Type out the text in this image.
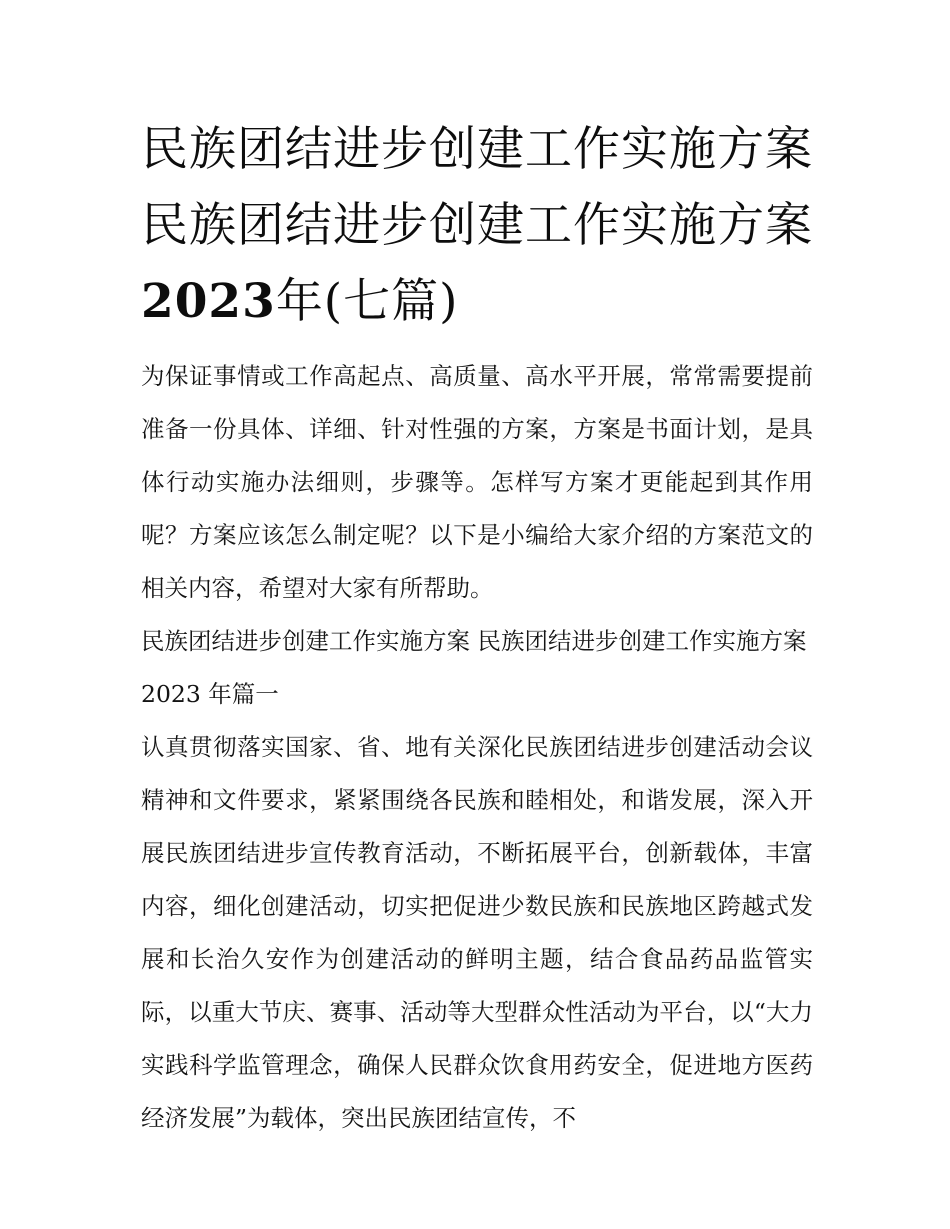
民族团结进步创建工作实施方案 民族团结进步创建工作实施方案2023年(七篇)

为保证事情或工作高起点、高质量、高水平开展，常常需要提前准备一份具体、详细、针对性强的方案，方案是书面计划，是具体行动实施办法细则，步骤等。怎样写方案才更能起到其作用呢？方案应该怎么制定呢？以下是小编给大家介绍的方案范文的相关内容，希望对大家有所帮助。

民族团结进步创建工作实施方案 民族团结进步创建工作实施方案 2023 年篇一

认真贯彻落实国家、省、地有关深化民族团结进步创建活动会议精神和文件要求，紧紧围绕各民族和睦相处，和谐发展，深入开展民族团结进步宣传教育活动，不断拓展平台，创新载体，丰富内容，细化创建活动，切实把促进少数民族和民族地区跨越式发展和长治久安作为创建活动的鲜明主题，结合食品药品监管实际，以重大节庆、赛事、活动等大型群众性活动为平台，以“大力实践科学监管理念，确保人民群众饮食用药安全，促进地方医药经济发展”为载体，突出民族团结宣传，不
